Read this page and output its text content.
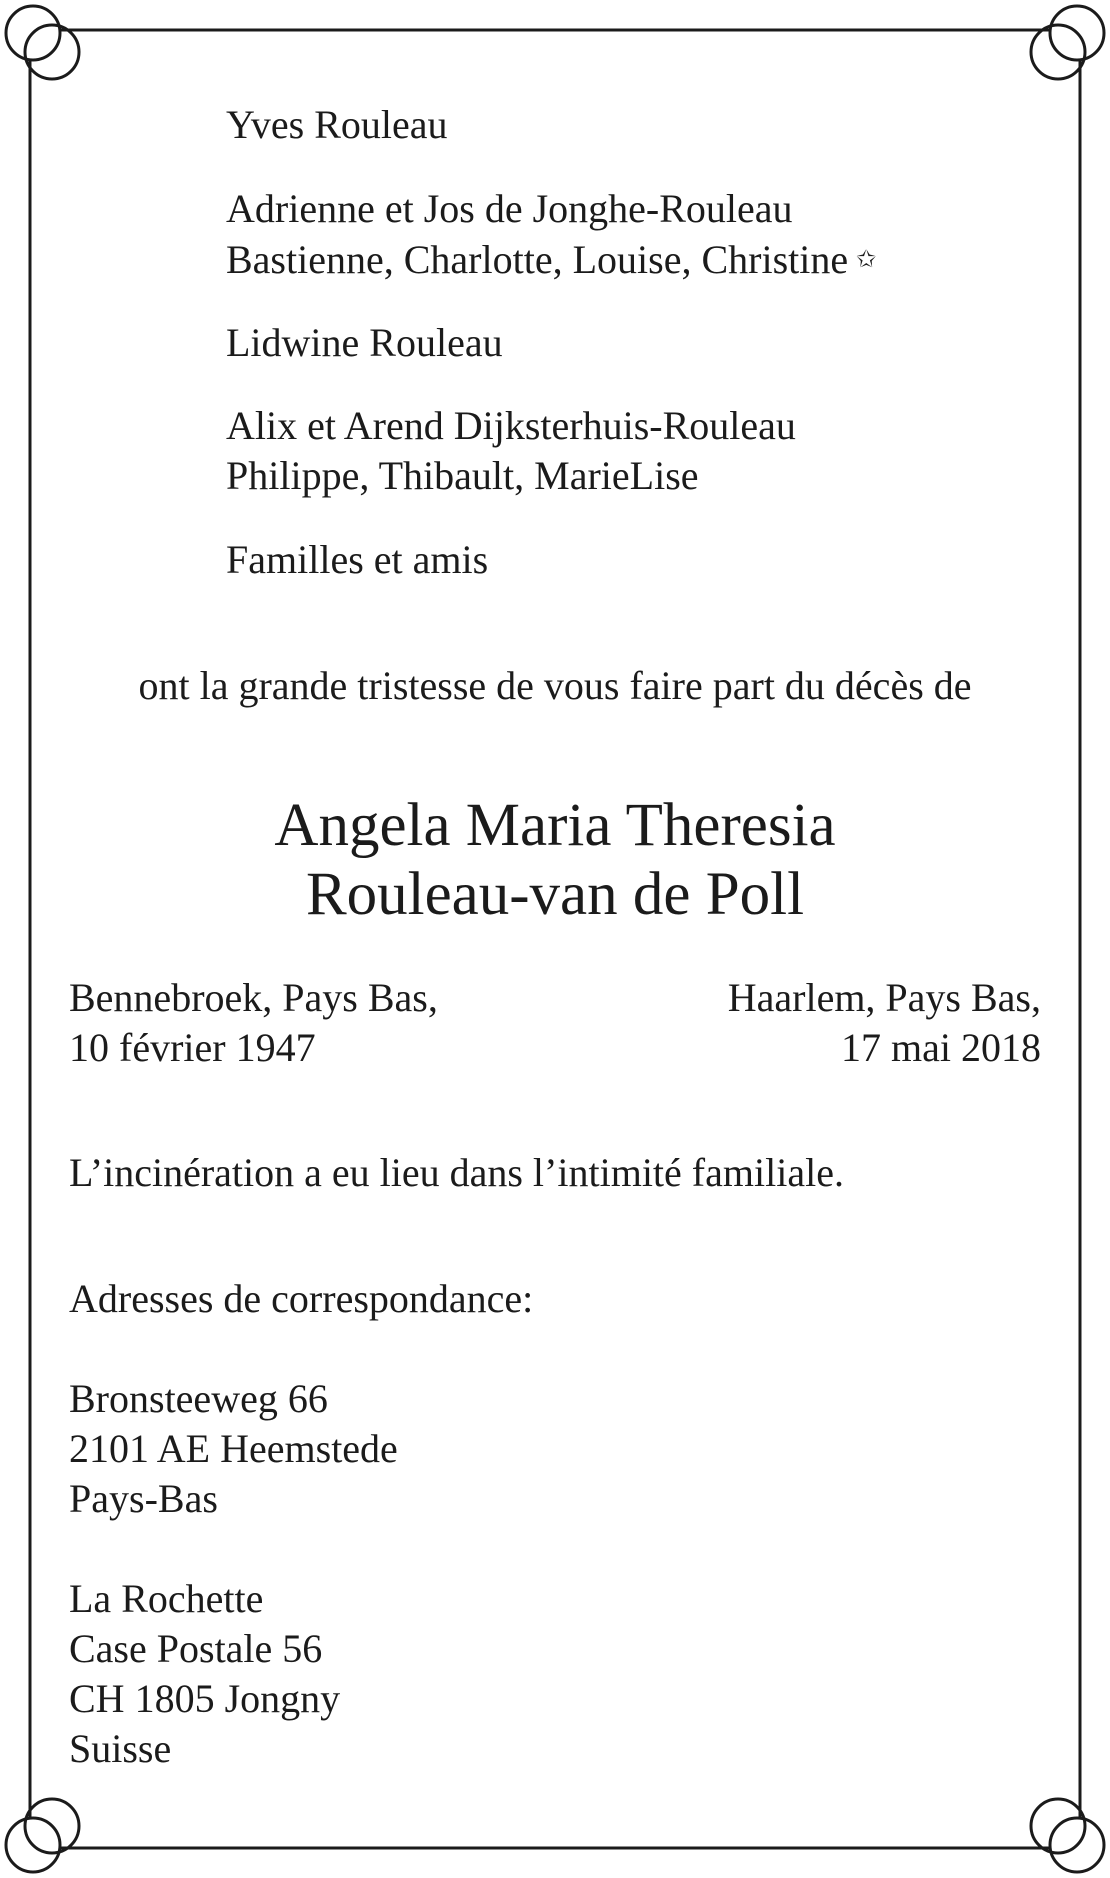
Yves Rouleau
Adrienne et Jos de Jonghe-Rouleau
Bastienne, Charlotte, Louise, Christine ✩
Lidwine Rouleau
Alix et Arend Dijksterhuis-Rouleau
Philippe, Thibault, MarieLise
Familles et amis
ont la grande tristesse de vous faire part du décès de
Angela Maria Theresia
Rouleau-van de Poll
Bennebroek, Pays Bas,
10 février 1947
Haarlem, Pays Bas,
17 mai 2018
L’incinération a eu lieu dans l’intimité familiale.
Adresses de correspondance:
Bronsteeweg 66
2101 AE Heemstede
Pays-Bas
La Rochette
Case Postale 56
CH 1805 Jongny
Suisse
